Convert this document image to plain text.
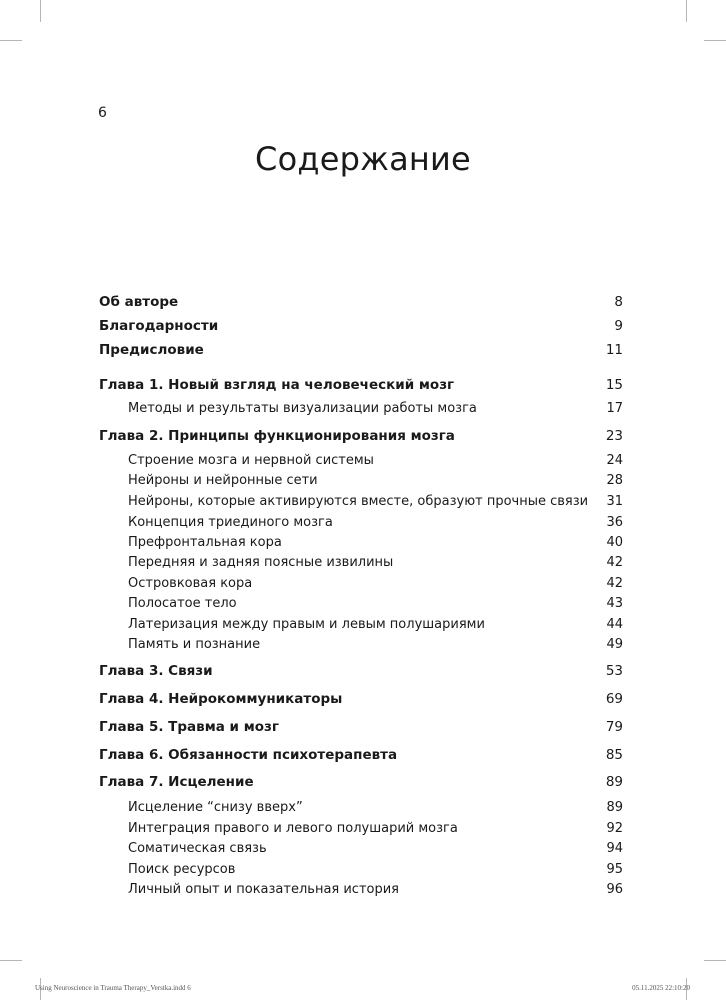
6
Содержание
Об авторе	8
Благодарности	9
Предисловие	11
Глава 1. Новый взгляд на человеческий мозг	15
Методы и результаты визуализации работы мозга	17
Глава 2. Принципы функционирования мозга	23
Строение мозга и нервной системы	24
Нейроны и нейронные сети	28
Нейроны, которые активируются вместе, образуют прочные связи 31
Концепция триединого мозга	36
Префронтальная кора	40
Передняя и задняя поясные извилины	42
Островковая кора	42
Полосатое тело	43
Латеризация между правым и левым полушариями	44
Память и познание	49
Глава 3. Связи	53
Глава 4. Нейрокоммуникаторы	69
Глава 5. Травма и мозг	79
Глава 6. Обязанности психотерапевта	85
Глава 7. Исцеление	89
Исцеление “снизу вверх”	89
Интеграция правого и левого полушарий мозга	92
Соматическая связь	94
Поиск ресурсов	95
Личный опыт и показательная история	96
Using Neuroscience in Trauma Therapy_Verstka.indd 6	05.11.2025 22:10:20
